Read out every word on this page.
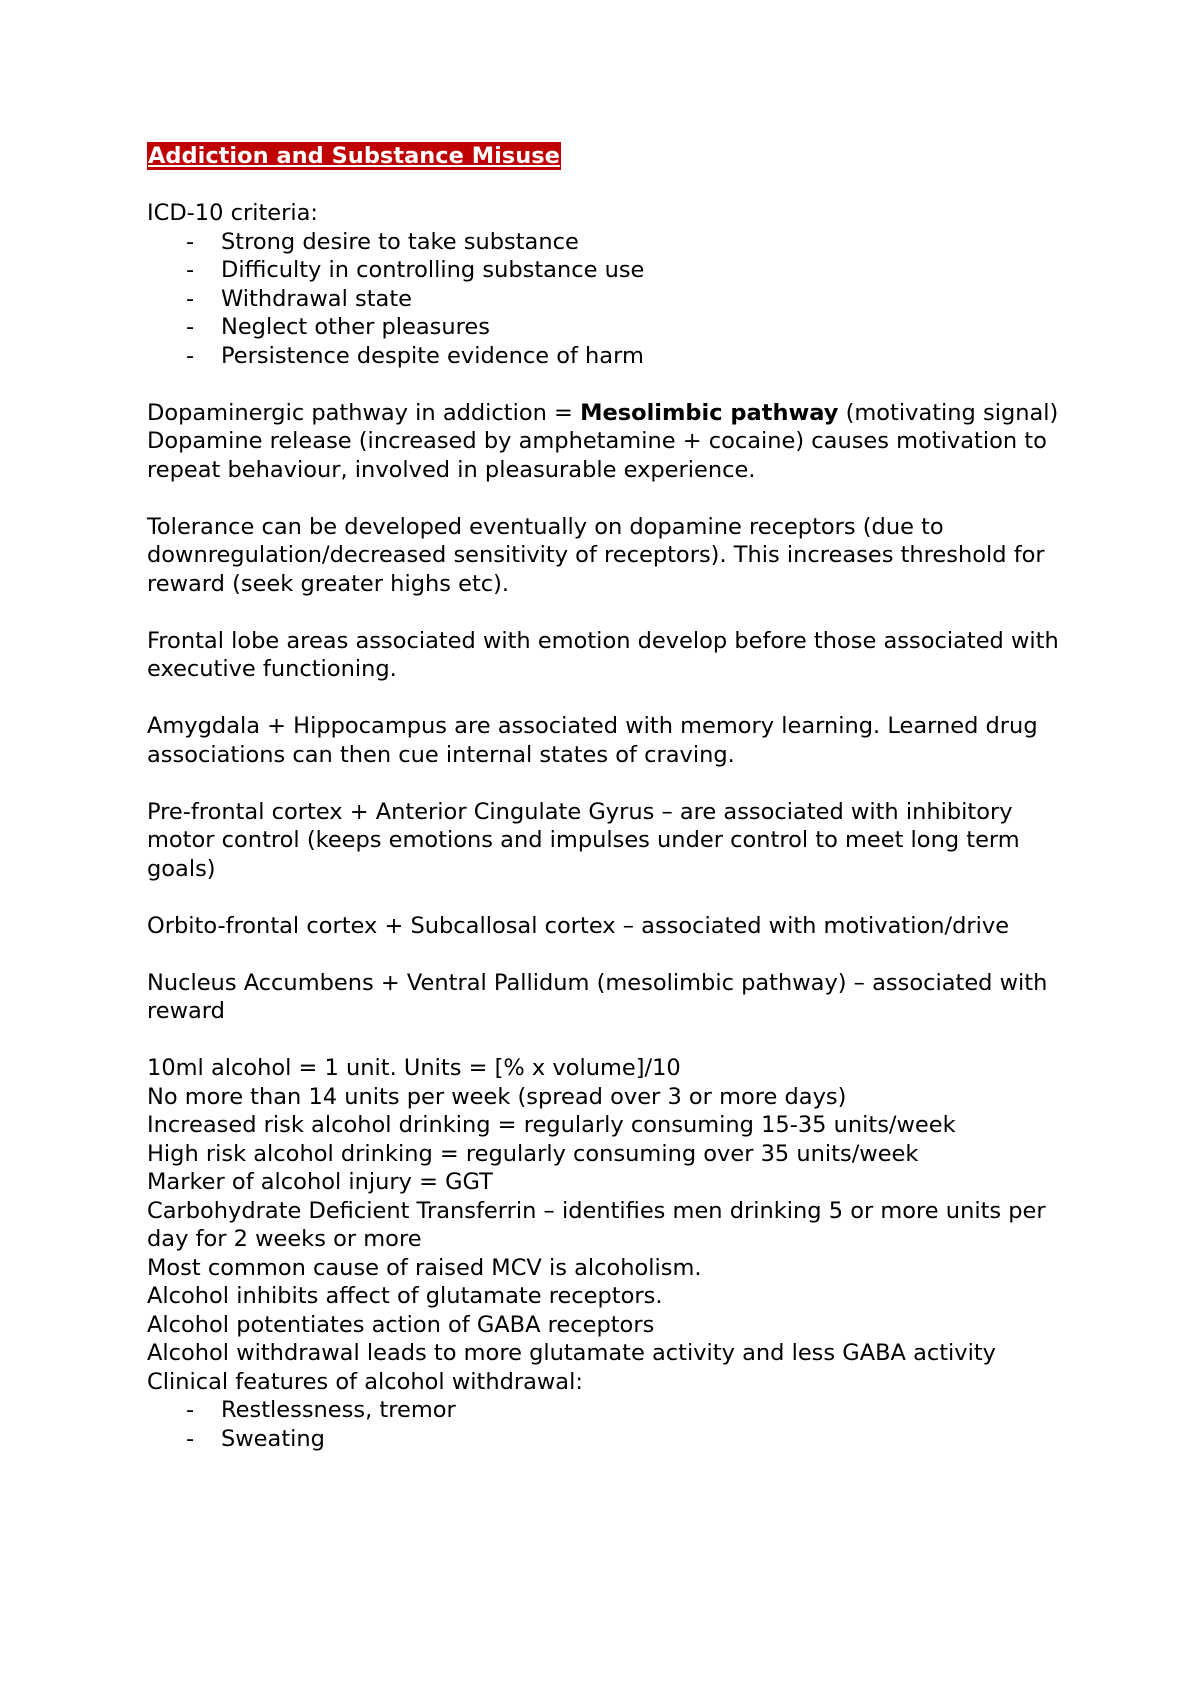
Addiction and Substance Misuse

ICD-10 criteria:

- Strong desire to take substance
- Difficulty in controlling substance use
- Withdrawal state
- Neglect other pleasures
- Persistence despite evidence of harm

Dopaminergic pathway in addiction = Mesolimbic pathway (motivating signal)

Dopamine release (increased by amphetamine + cocaine) causes motivation to repeat behaviour, involved in pleasurable experience.

Tolerance can be developed eventually on dopamine receptors (due to downregulation/decreased sensitivity of receptors). This increases threshold for reward (seek greater highs etc).

Frontal lobe areas associated with emotion develop before those associated with executive functioning.

Amygdala + Hippocampus are associated with memory learning. Learned drug associations can then cue internal states of craving.

Pre-frontal cortex + Anterior Cingulate Gyrus – are associated with inhibitory motor control (keeps emotions and impulses under control to meet long term goals)

Orbito-frontal cortex + Subcallosal cortex – associated with motivation/drive

Nucleus Accumbens + Ventral Pallidum (mesolimbic pathway) – associated with reward

10ml alcohol = 1 unit. Units = [% x volume]/10

No more than 14 units per week (spread over 3 or more days)

Increased risk alcohol drinking = regularly consuming 15-35 units/week

High risk alcohol drinking = regularly consuming over 35 units/week

Marker of alcohol injury = GGT

Carbohydrate Deficient Transferrin – identifies men drinking 5 or more units per day for 2 weeks or more

Most common cause of raised MCV is alcoholism.

Alcohol inhibits affect of glutamate receptors.

Alcohol potentiates action of GABA receptors

Alcohol withdrawal leads to more glutamate activity and less GABA activity

Clinical features of alcohol withdrawal:

- Restlessness, tremor
- Sweating
